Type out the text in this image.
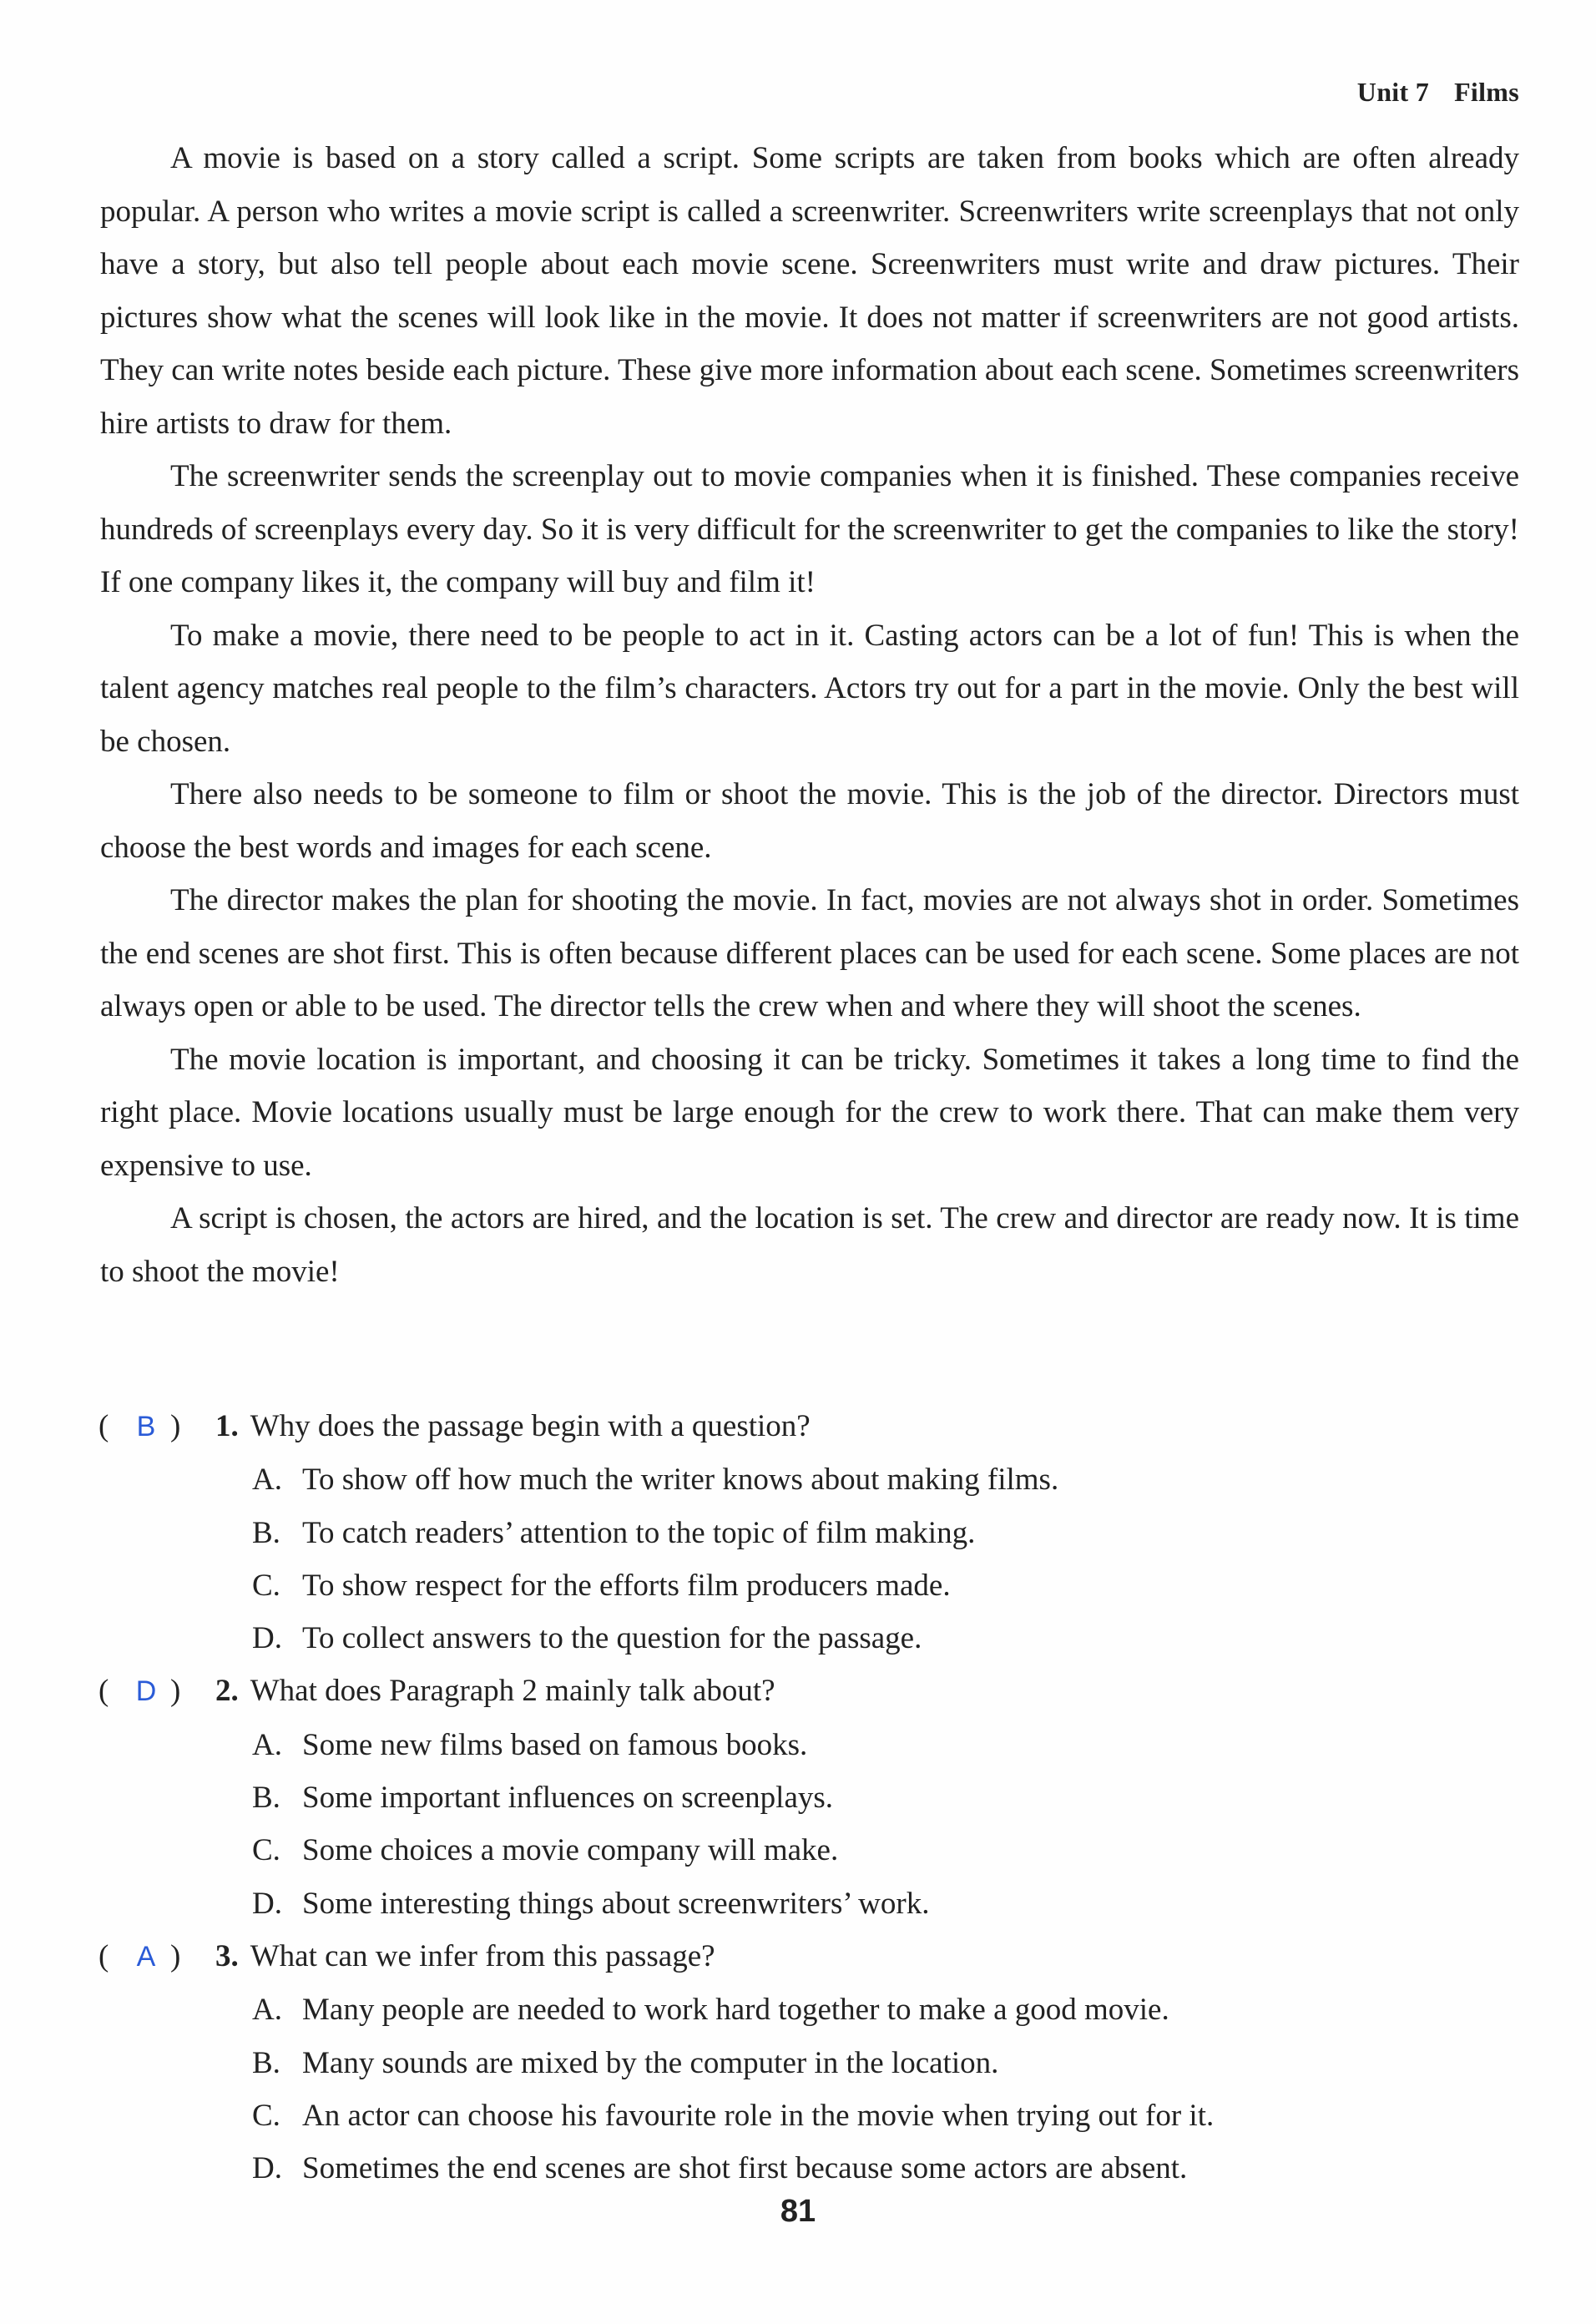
Unit 7 Films

A movie is based on a story called a script. Some scripts are taken from books which are often already popular. A person who writes a movie script is called a screenwriter. Screenwriters write screenplays that not only have a story, but also tell people about each movie scene. Screenwriters must write and draw pictures. Their pictures show what the scenes will look like in the movie. It does not matter if screenwriters are not good artists. They can write notes beside each picture. These give more information about each scene. Sometimes screenwriters hire artists to draw for them.

The screenwriter sends the screenplay out to movie companies when it is finished. These companies receive hundreds of screenplays every day. So it is very difficult for the screenwriter to get the companies to like the story! If one company likes it, the company will buy and film it!

To make a movie, there need to be people to act in it. Casting actors can be a lot of fun! This is when the talent agency matches real people to the film’s characters. Actors try out for a part in the movie. Only the best will be chosen.

There also needs to be someone to film or shoot the movie. This is the job of the director. Directors must choose the best words and images for each scene.

The director makes the plan for shooting the movie. In fact, movies are not always shot in order. Sometimes the end scenes are shot first. This is often because different places can be used for each scene. Some places are not always open or able to be used. The director tells the crew when and where they will shoot the scenes.

The movie location is important, and choosing it can be tricky. Sometimes it takes a long time to find the right place. Movie locations usually must be large enough for the crew to work there. That can make them very expensive to use.

A script is chosen, the actors are hired, and the location is set. The crew and director are ready now. It is time to shoot the movie!

( B ) 1. Why does the passage begin with a question?
A. To show off how much the writer knows about making films.
B. To catch readers’ attention to the topic of film making.
C. To show respect for the efforts film producers made.
D. To collect answers to the question for the passage.
( D ) 2. What does Paragraph 2 mainly talk about?
A. Some new films based on famous books.
B. Some important influences on screenplays.
C. Some choices a movie company will make.
D. Some interesting things about screenwriters’ work.
( A ) 3. What can we infer from this passage?
A. Many people are needed to work hard together to make a good movie.
B. Many sounds are mixed by the computer in the location.
C. An actor can choose his favourite role in the movie when trying out for it.
D. Sometimes the end scenes are shot first because some actors are absent.
81
